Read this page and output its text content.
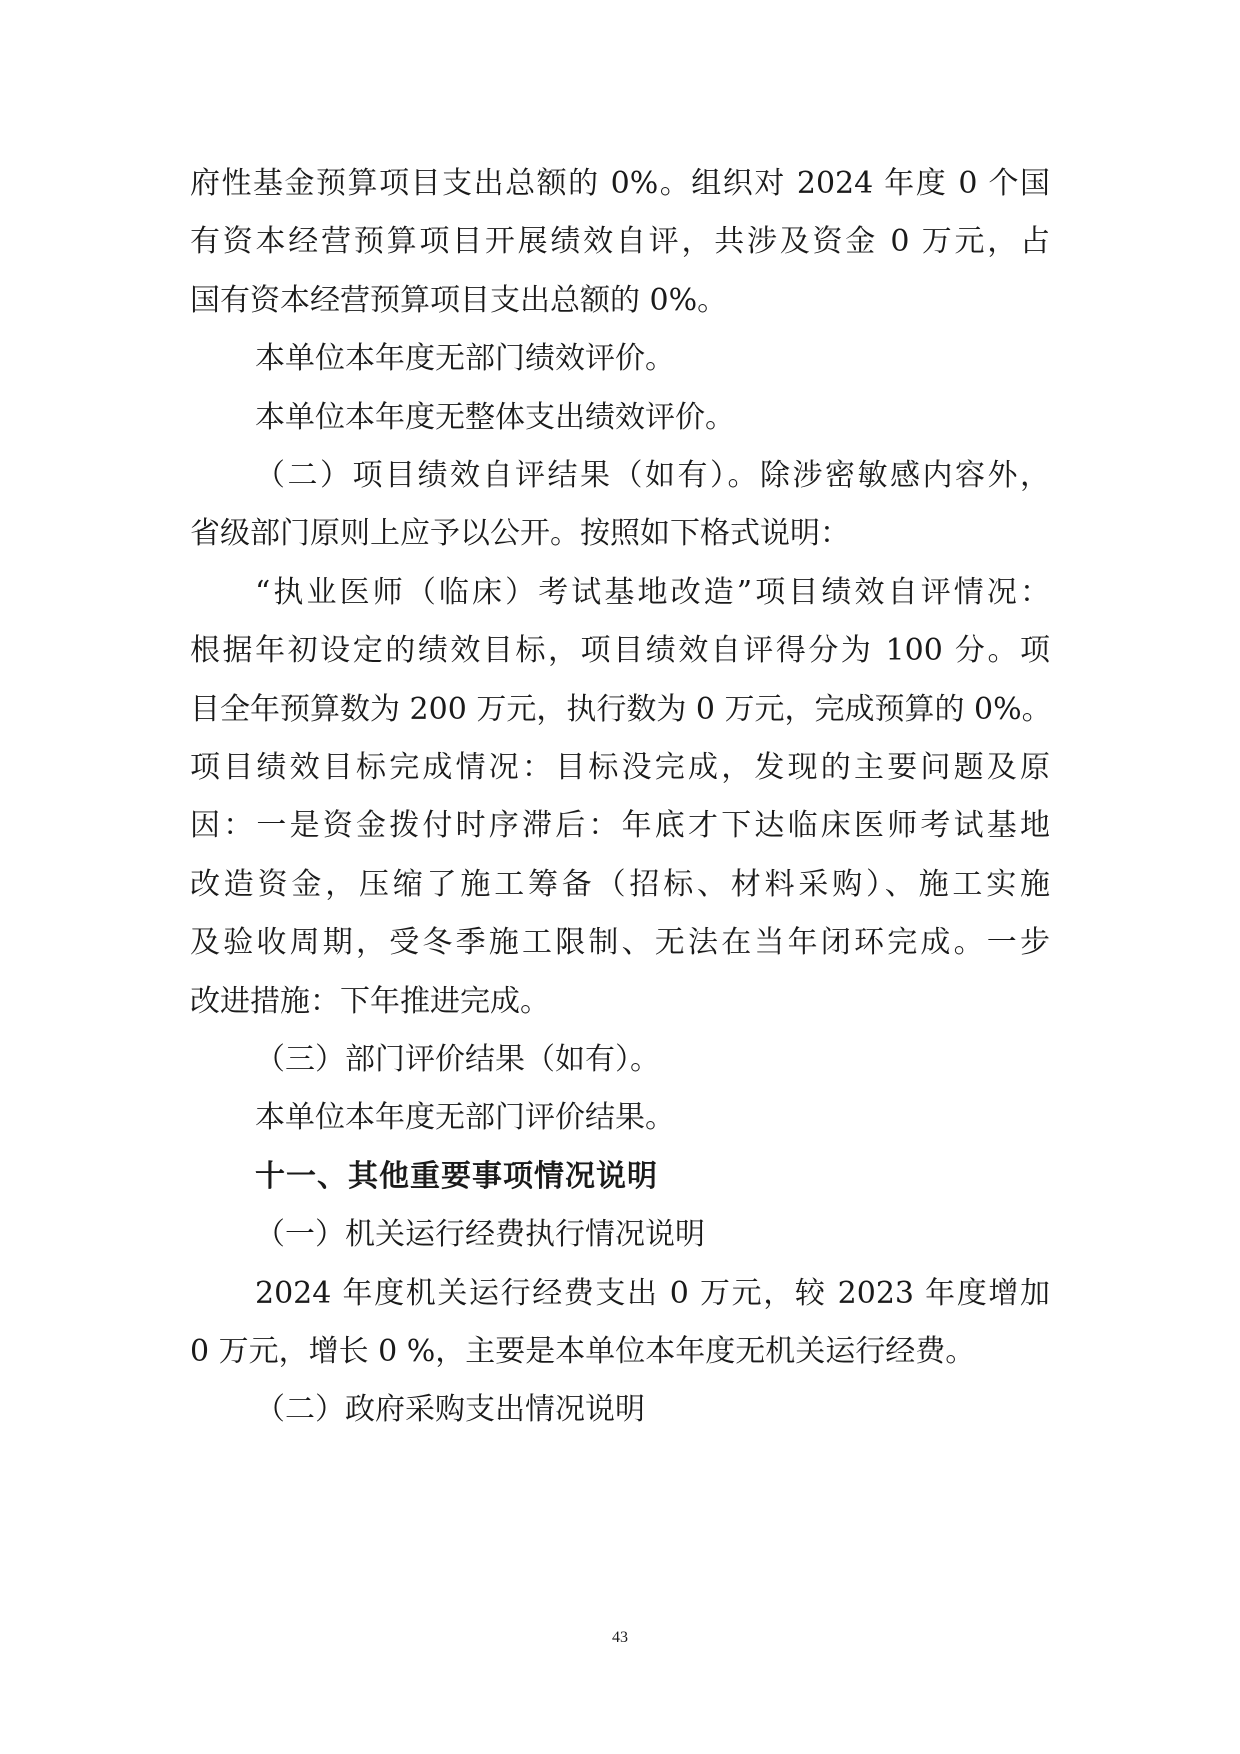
府性基金预算项目支出总额的 0%。组织对 2024 年度 0 个国
有资本经营预算项目开展绩效自评，共涉及资金 0 万元，占
国有资本经营预算项目支出总额的 0%。
本单位本年度无部门绩效评价。
本单位本年度无整体支出绩效评价。
（二）项目绩效自评结果（如有）。除涉密敏感内容外，
省级部门原则上应予以公开。按照如下格式说明：
“执业医师（临床）考试基地改造”项目绩效自评情况：
根据年初设定的绩效目标，项目绩效自评得分为 100 分。项
目全年预算数为 200 万元，执行数为 0 万元，完成预算的 0%。
项目绩效目标完成情况：目标没完成，发现的主要问题及原
因：一是资金拨付时序滞后：年底才下达临床医师考试基地
改造资金，压缩了施工筹备（招标、材料采购）、施工实施
及验收周期，受冬季施工限制、无法在当年闭环完成。一步
改进措施：下年推进完成。
（三）部门评价结果（如有）。
本单位本年度无部门评价结果。
十一、其他重要事项情况说明
（一）机关运行经费执行情况说明
2024 年度机关运行经费支出 0 万元，较 2023 年度增加
0 万元，增长 0 %，主要是本单位本年度无机关运行经费。
（二）政府采购支出情况说明
43
